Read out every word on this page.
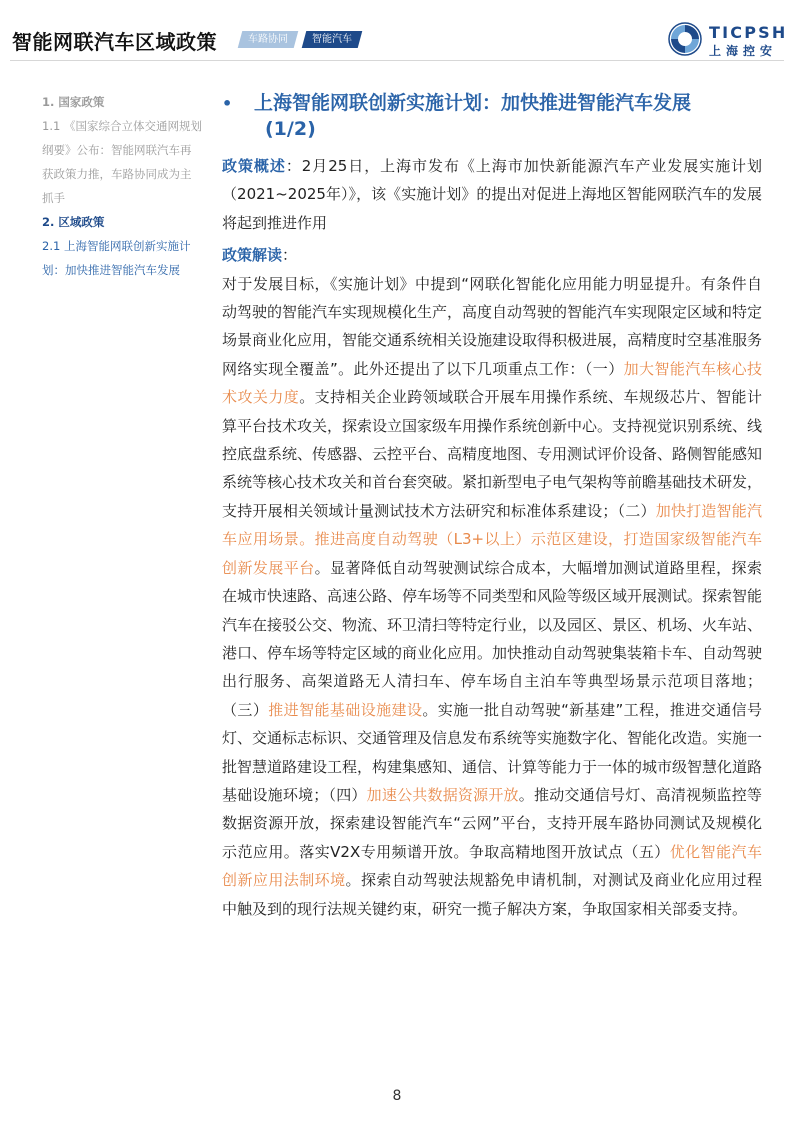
智能网联汽车区域政策	车路协同	智能汽车	TICPSH
上海控安

1. 国家政策

1.1 《国家综合立体交通网规划纲要》公布：智能网联汽车再获政策力推，车路协同成为主抓手

2. 区域政策

2.1 上海智能网联创新实施计划：加快推进智能汽车发展

• 上海智能网联创新实施计划：加快推进智能汽车发展
(1/2)

政策概述：2月25日，上海市发布《上海市加快新能源汽车产业发展实施计划（2021~2025年）》，该《实施计划》的提出对促进上海地区智能网联汽车的发展将起到推进作用

政策解读：

对于发展目标，《实施计划》中提到“网联化智能化应用能力明显提升。有条件自动驾驶的智能汽车实现规模化生产，高度自动驾驶的智能汽车实现限定区域和特定场景商业化应用，智能交通系统相关设施建设取得积极进展，高精度时空基准服务网络实现全覆盖”。此外还提出了以下几项重点工作：（一）加大智能汽车核心技术攻关力度。支持相关企业跨领域联合开展车用操作系统、车规级芯片、智能计算平台技术攻关，探索设立国家级车用操作系统创新中心。支持视觉识别系统、线控底盘系统、传感器、云控平台、高精度地图、专用测试评价设备、路侧智能感知系统等核心技术攻关和首台套突破。紧扣新型电子电气架构等前瞻基础技术研发，支持开展相关领域计量测试技术方法研究和标准体系建设；（二）加快打造智能汽车应用场景。推进高度自动驾驶（L3+以上）示范区建设，打造国家级智能汽车创新发展平台。显著降低自动驾驶测试综合成本，大幅增加测试道路里程，探索在城市快速路、高速公路、停车场等不同类型和风险等级区域开展测试。探索智能汽车在接驳公交、物流、环卫清扫等特定行业，以及园区、景区、机场、火车站、港口、停车场等特定区域的商业化应用。加快推动自动驾驶集装箱卡车、自动驾驶出行服务、高架道路无人清扫车、停车场自主泊车等典型场景示范项目落地；（三）推进智能基础设施建设。实施一批自动驾驶“新基建”工程，推进交通信号灯、交通标志标识、交通管理及信息发布系统等实施数字化、智能化改造。实施一批智慧道路建设工程，构建集感知、通信、计算等能力于一体的城市级智慧化道路基础设施环境；（四）加速公共数据资源开放。推动交通信号灯、高清视频监控等数据资源开放，探索建设智能汽车“云网”平台，支持开展车路协同测试及规模化示范应用。落实V2X专用频谱开放。争取高精地图开放试点（五）优化智能汽车创新应用法制环境。探索自动驾驶法规豁免申请机制，对测试及商业化应用过程中触及到的现行法规关键约束，研究一揽子解决方案，争取国家相关部委支持。

8
